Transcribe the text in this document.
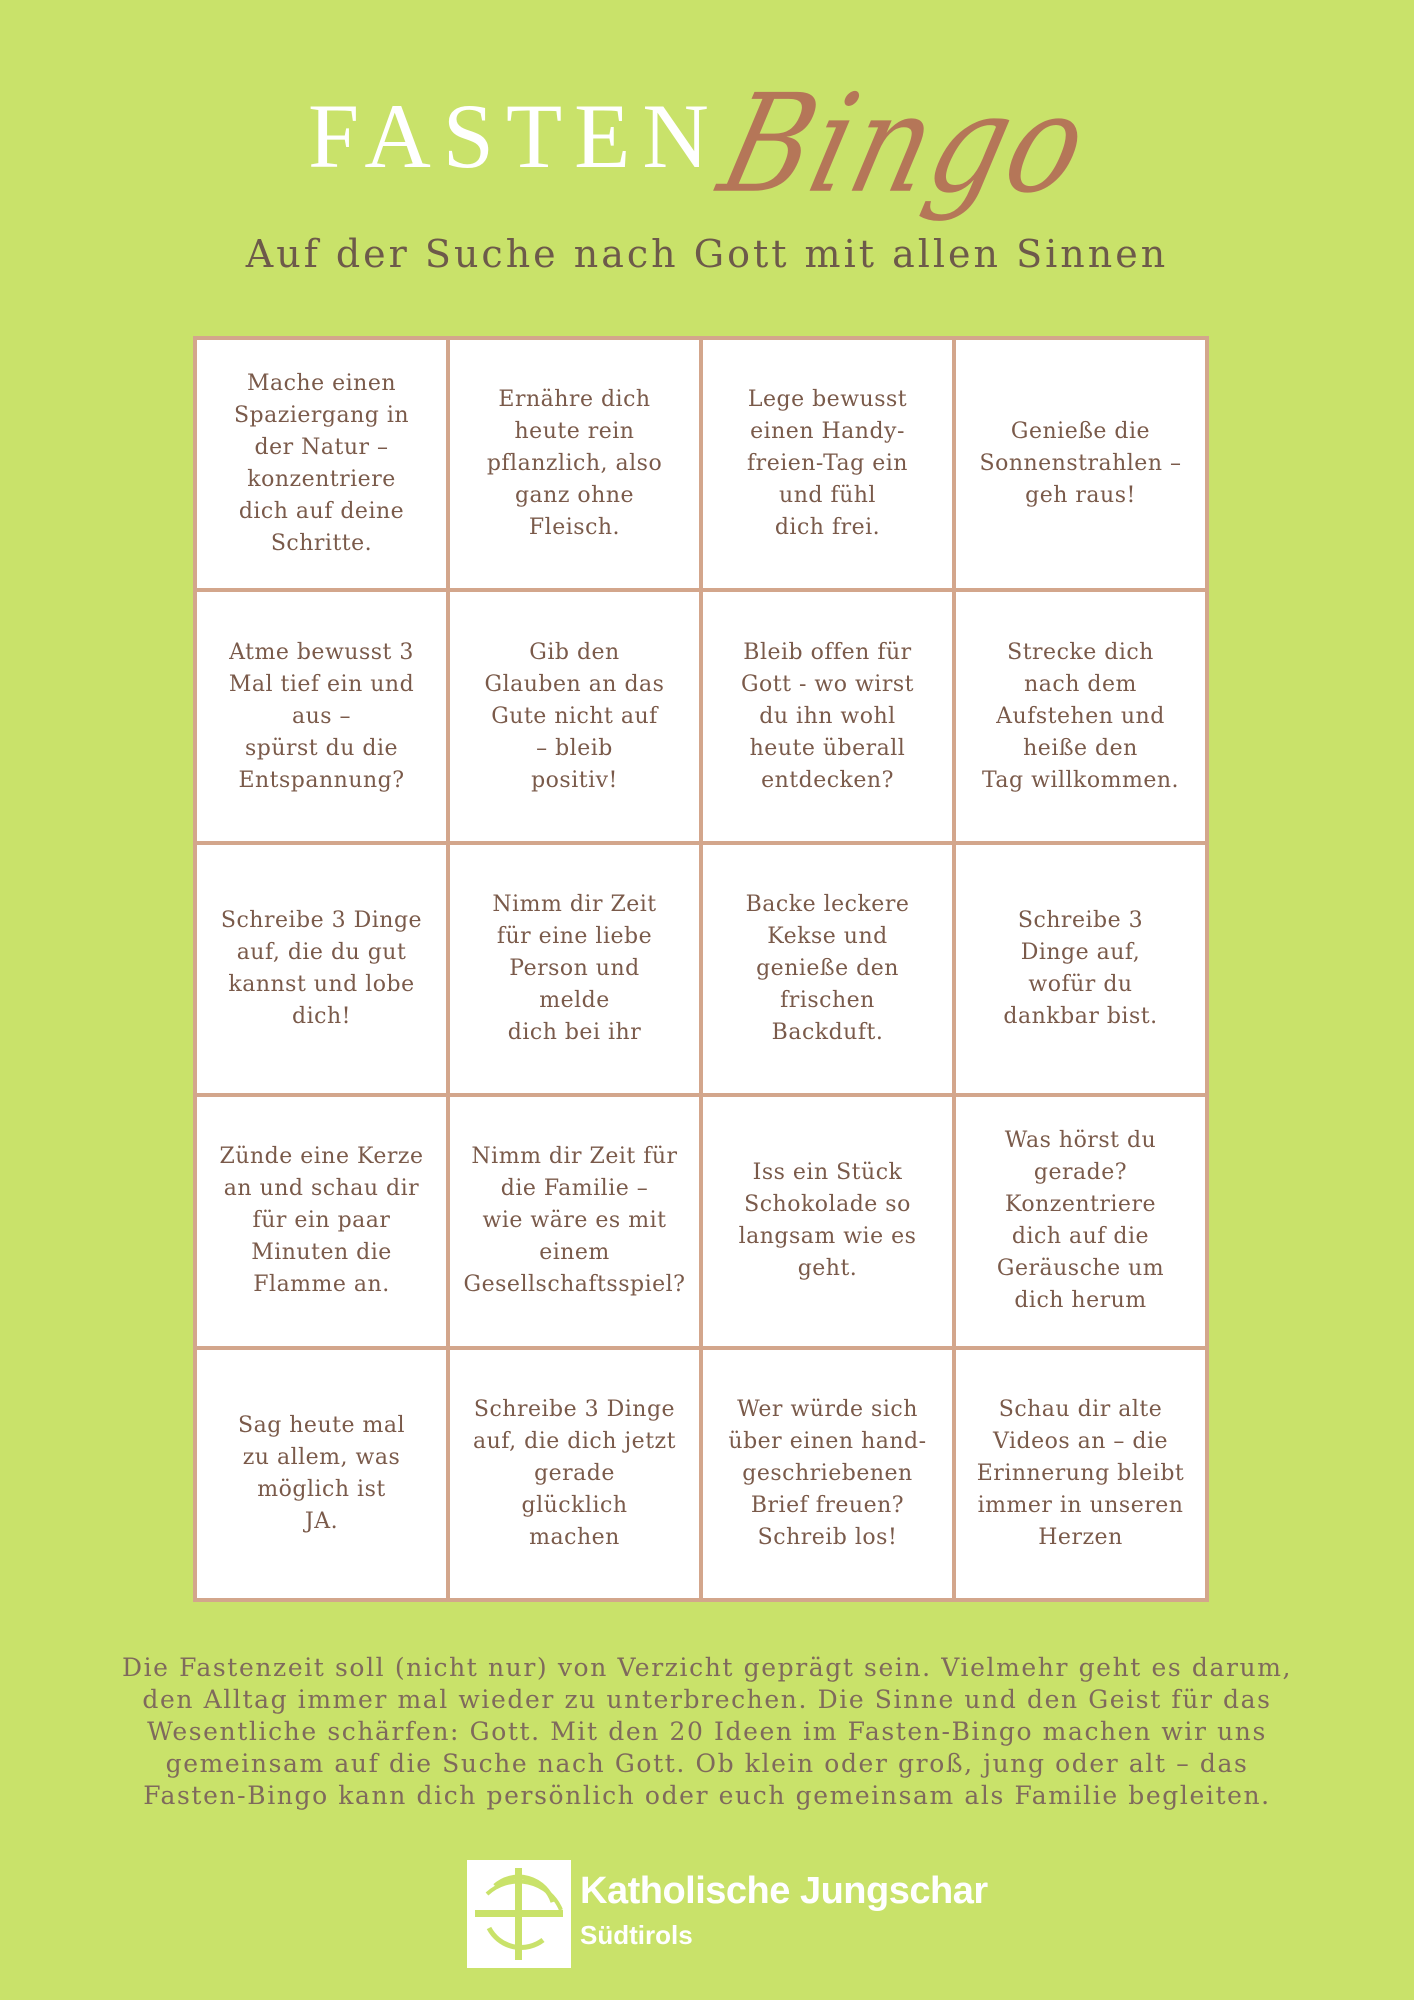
FASTEN
Bingo
Auf der Suche nach Gott mit allen Sinnen
Mache einen
Spaziergang in
der Natur –
konzentriere
dich auf deine
Schritte.
Ernähre dich
heute rein
pflanzlich, also
ganz ohne
Fleisch.
Lege bewusst
einen Handy-
freien-Tag ein
und fühl
dich frei.
Genieße die
Sonnenstrahlen –
geh raus!
Atme bewusst 3
Mal tief ein und
aus –
spürst du die
Entspannung?
Gib den
Glauben an das
Gute nicht auf
– bleib
positiv!
Bleib offen für
Gott - wo wirst
du ihn wohl
heute überall
entdecken?
Strecke dich
nach dem
Aufstehen und
heiße den
Tag willkommen.
Schreibe 3 Dinge
auf, die du gut
kannst und lobe
dich!
Nimm dir Zeit
für eine liebe
Person und
melde
dich bei ihr
Backe leckere
Kekse und
genieße den
frischen
Backduft.
Schreibe 3
Dinge auf,
wofür du
dankbar bist.
Zünde eine Kerze
an und schau dir
für ein paar
Minuten die
Flamme an.
Nimm dir Zeit für
die Familie –
wie wäre es mit
einem
Gesellschaftsspiel?
Iss ein Stück
Schokolade so
langsam wie es
geht.
Was hörst du
gerade?
Konzentriere
dich auf die
Geräusche um
dich herum
Sag heute mal
zu allem, was
möglich ist
JA.
Schreibe 3 Dinge
auf, die dich jetzt
gerade
glücklich
machen
Wer würde sich
über einen hand-
geschriebenen
Brief freuen?
Schreib los!
Schau dir alte
Videos an – die
Erinnerung bleibt
immer in unseren
Herzen
Die Fastenzeit soll (nicht nur) von Verzicht geprägt sein. Vielmehr geht es darum,
den Alltag immer mal wieder zu unterbrechen. Die Sinne und den Geist für das
Wesentliche schärfen: Gott. Mit den 20 Ideen im Fasten-Bingo machen wir uns
gemeinsam auf die Suche nach Gott. Ob klein oder groß, jung oder alt – das
Fasten-Bingo kann dich persönlich oder euch gemeinsam als Familie begleiten.
Katholische Jungschar
Südtirols
